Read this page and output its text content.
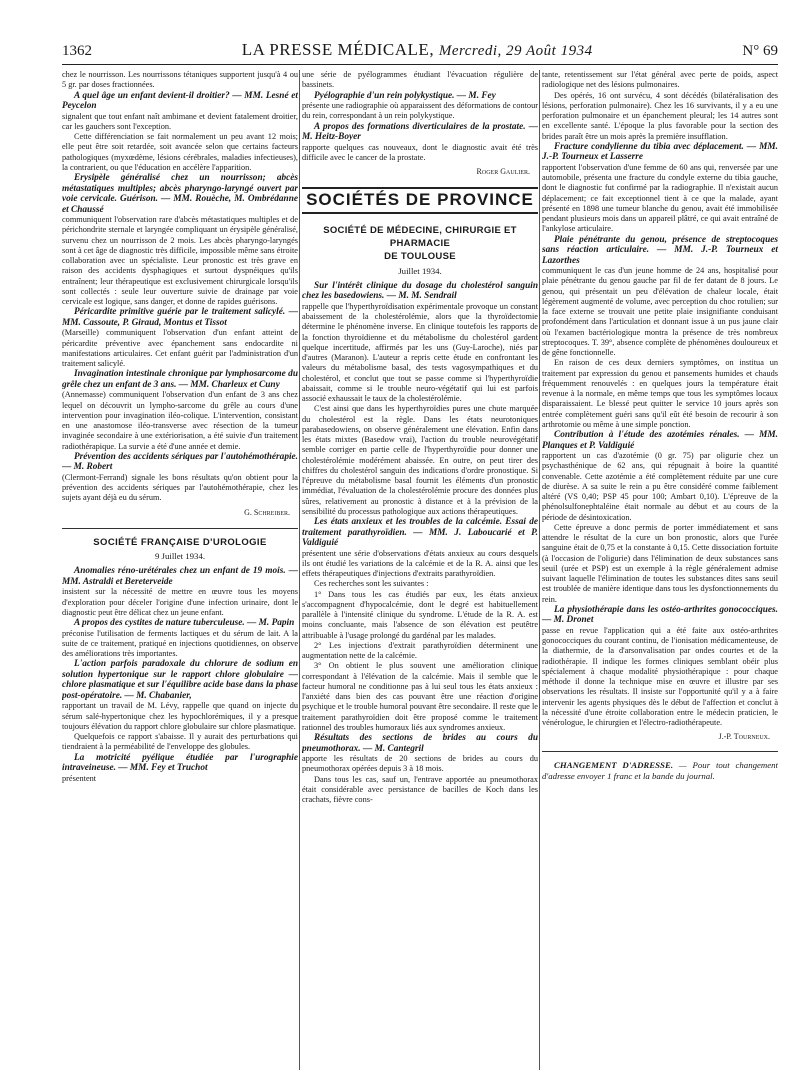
1362	LA PRESSE MÉDICALE, Mercredi, 29 Août 1934	N° 69

chez le nourrisson. Les nourrissons tétaniques supportent jusqu'à 4 ou 5 gr. par doses fractionnées.

A quel âge un enfant devient-il droitier? — MM. Lesné et Peycelon

signalent que tout enfant naît ambimane et devient fatalement droitier, car les gauchers sont l'exception.

Cette différenciation se fait normalement un peu avant 12 mois; elle peut être soit retardée, soit avancée selon que certains facteurs pathologiques (myxœdème, lésions cérébrales, maladies infectieuses), la contrarient, ou que l'éducation en accélère l'apparition.

Erysipèle généralisé chez un nourrisson; abcès métastatiques multiples; abcès pharyngo-laryngé ouvert par voie cervicale. Guérison. — MM. Rouèche, M. Ombrédanne et Chaussé

communiquent l'observation rare d'abcès métastatiques multiples et de périchondrite sternale et laryngée compliquant un érysipèle généralisé, survenu chez un nourrisson de 2 mois. Les abcès pharyngo-laryngés sont à cet âge de diagnostic très difficile, impossible même sans étroite collaboration avec un spécialiste. Leur pronostic est très grave en raison des accidents dysphagiques et surtout dyspnéiques qu'ils entraînent; leur thérapeutique est exclusivement chirurgicale lorsqu'ils sont collectés : seule leur ouverture suivie de drainage par voie cervicale est logique, sans danger, et donne de rapides guérisons.

Péricardite primitive guérie par le traitement salicylé. — MM. Cassoute, P. Giraud, Montus et Tissot

(Marseille) communiquent l'observation d'un enfant atteint de péricardite préventive avec épanchement sans endocardite ni manifestations articulaires. Cet enfant guérit par l'administration d'un traitement salicylé.

Invagination intestinale chronique par lymphosarcome du grêle chez un enfant de 3 ans. — MM. Charleux et Cuny

(Annemasse) communiquent l'observation d'un enfant de 3 ans chez lequel on découvrit un lympho-sarcome du grêle au cours d'une intervention pour invagination iléo-colique. L'intervention, consistant en une anastomose iléo-transverse avec résection de la tumeur invaginée secondaire à une extériorisation, a été suivie d'un traitement radiothérapique. La survie a été d'une année et demie.

Prévention des accidents sériques par l'autohémothérapie. — M. Robert

(Clermont-Ferrand) signale les bons résultats qu'on obtient pour la prévention des accidents sériques par l'autohémothérapie, chez les sujets ayant déjà eu du sérum.

G. Schreiber.
SOCIÉTÉ FRANÇAISE D'UROLOGIE
9 Juillet 1934.
Anomalies réno-urétérales chez un enfant de 19 mois. — MM. Astraldi et Bereterveide

insistent sur la nécessité de mettre en œuvre tous les moyens d'exploration pour déceler l'origine d'une infection urinaire, dont le diagnostic peut être délicat chez un jeune enfant.

A propos des cystites de nature tuberculeuse. — M. Papin

préconise l'utilisation de ferments lactiques et du sérum de lait. A la suite de ce traitement, pratiqué en injections quotidiennes, on observe des améliorations très importantes.

L'action parfois paradoxale du chlorure de sodium en solution hypertonique sur le rapport chlore globulaire — chlore plasmatique et sur l'équilibre acide base dans la phase post-opératoire. — M. Chabanier,

rapportant un travail de M. Lévy, rappelle que quand on injecte du sérum salé-hypertonique chez les hypochlorémiques, il y a presque toujours élévation du rapport chlore globulaire sur chlore plasmatique.

Quelquefois ce rapport s'abaisse. Il y aurait des perturbations qui tiendraient à la perméabilité de l'enveloppe des globules.

La motricité pyélique étudiée par l'urographie intraveineuse. — MM. Fey et Truchot

présentent

une série de pyélogrammes étudiant l'évacuation régulière de bassinets.

Pyélographie d'un rein polykystique. — M. Fey

présente une radiographie où apparaissent des déformations de contour du rein, correspondant à un rein polykystique.

A propos des formations diverticulaires de la prostate. — M. Heitz-Boyer

rapporte quelques cas nouveaux, dont le diagnostic avait été très difficile avec le cancer de la prostate.

Roger Gaulier.
SOCIÉTÉS DE PROVINCE
SOCIÉTÉ DE MÉDECINE, CHIRURGIE ET PHARMACIE
DE TOULOUSE
Juillet 1934.
Sur l'intérêt clinique du dosage du cholestérol sanguin chez les basedowiens. — M. M. Sendrail

rappelle que l'hyperthyroïdisation expérimentale provoque un constant abaissement de la cholestérolémie, alors que la thyroïdectomie détermine le phénomène inverse. En clinique toutefois les rapports de la fonction thyroïdienne et du métabolisme du cholestérol gardent quelque incertitude, affirmés par les uns (Guy-Laroche), niés par d'autres (Maranon). L'auteur a repris cette étude en confrontant les valeurs du métabolisme basal, des tests vagosympathiques et du cholestérol, et conclut que tout se passe comme si l'hyperthyroïdie abaissait, comme si le trouble neuro-végétatif qui lui est parfois associé exhaussait le taux de la cholestérolémie.

C'est ainsi que dans les hyperthyroïdies pures une chute marquée du cholestérol est la règle. Dans les états neurotoniques parabasedowiens, on observe généralement une élévation. Enfin dans les états mixtes (Basedow vrai), l'action du trouble neurovégétatif semble corriger en partie celle de l'hyperthyroïdie pour donner une cholestérolémie modérément abaissée. En outre, on peut tirer des chiffres du cholestérol sanguin des indications d'ordre pronostique. Si l'épreuve du métabolisme basal fournit les éléments d'un pronostic immédiat, l'évaluation de la cholestérolémie procure des données plus sûres, relativement au pronostic à distance et à la prévision de la sensibilité du processus pathologique aux actions thérapeutiques.

Les états anxieux et les troubles de la calcémie. Essai de traitement parathyroïdien. — MM. J. Laboucarié et P. Valdiguié

présentent une série d'observations d'états anxieux au cours desquels ils ont étudié les variations de la calcémie et de la R. A. ainsi que les effets thérapeutiques d'injections d'extraits parathyroïdien.

Ces recherches sont les suivantes :

1° Dans tous les cas étudiés par eux, les états anxieux s'accompagnent d'hypocalcémie, dont le degré est habituellement parallèle à l'intensité clinique du syndrome. L'étude de la R. A. est moins concluante, mais l'absence de son élévation est peutêtre attribuable à l'usage prolongé du gardénal par les malades.

2° Les injections d'extrait parathyroïdien déterminent une augmentation nette de la calcémie.

3° On obtient le plus souvent une amélioration clinique correspondant à l'élévation de la calcémie. Mais il semble que le facteur humoral ne conditionne pas à lui seul tous les états anxieux : l'anxiété dans bien des cas pouvant être une réaction d'origine psychique et le trouble humoral pouvant être secondaire. Il reste que le traitement parathyroïdien doit être proposé comme le traitement rationnel des troubles humoraux liés aux syndromes anxieux.

Résultats des sections de brides au cours du pneumothorax. — M. Cantegril

apporte les résultats de 20 sections de brides au cours du pneumothorax opérées depuis 3 à 18 mois.

Dans tous les cas, sauf un, l'entrave apportée au pneumothorax était considérable avec persistance de bacilles de Koch dans les crachats, fièvre cons-

tante, retentissement sur l'état général avec perte de poids, aspect radiologique net des lésions pulmonaires.

Des opérés, 16 ont survécu, 4 sont décédés (bilatéralisation des lésions, perforation pulmonaire). Chez les 16 survivants, il y a eu une perforation pulmonaire et un épanchement pleural; les 14 autres sont en excellente santé. L'époque la plus favorable pour la section des brides paraît être un mois après la première insufflation.

Fracture condylienne du tibia avec déplacement. — MM. J.-P. Tourneux et Lasserre

rapportent l'observation d'une femme de 60 ans qui, renversée par une automobile, présenta une fracture du condyle externe du tibia gauche, dont le diagnostic fut confirmé par la radiographie. Il n'existait aucun déplacement; ce fait exceptionnel tient à ce que la malade, ayant présenté en 1898 une tumeur blanche du genou, avait été immobilisée pendant plusieurs mois dans un appareil plâtré, ce qui avait entraîné de l'ankylose articulaire.

Plaie pénétrante du genou, présence de streptocoques sans réaction articulaire. — MM. J.-P. Tourneux et Lazorthes

communiquent le cas d'un jeune homme de 24 ans, hospitalisé pour plaie pénétrante du genou gauche par fil de fer datant de 8 jours. Le genou, qui présentait un peu d'élévation de chaleur locale, était légèrement augmenté de volume, avec perception du choc rotulien; sur la face externe se trouvait une petite plaie insignifiante conduisant profondément dans l'articulation et donnant issue à un pus jaune clair où l'examen bactériologique montra la présence de très nombreux streptocoques. T. 39°, absence complète de phénomènes douloureux et de gêne fonctionnelle.

En raison de ces deux derniers symptômes, on institua un traitement par expression du genou et pansements humides et chauds fréquemment renouvelés : en quelques jours la température était revenue à la normale, en même temps que tous les symptômes locaux disparaissaient. Le blessé peut quitter le service 10 jours après son entrée complètement guéri sans qu'il eût été besoin de recourir à son arthrotomie ou même à une simple ponction.

Contribution à l'étude des azotémies rénales. — MM. Planques et P. Valdiguié

rapportent un cas d'azotémie (0 gr. 75) par oligurie chez un psychasthénique de 62 ans, qui répugnait à boire la quantité convenable. Cette azotémie a été complètement réduite par une cure de diurèse. A sa suite le rein a pu être considéré comme faiblement altéré (VS 0,40; PSP 45 pour 100; Ambart 0,10). L'épreuve de la phénolsulfonephtaléine était normale au début et au cours de la période de désintoxication.

Cette épreuve a donc permis de porter immédiatement et sans attendre le résultat de la cure un bon pronostic, alors que l'urée sanguine était de 0,75 et la constante à 0,15. Cette dissociation fortuite (à l'occasion de l'oligurie) dans l'élimination de deux substances sans seuil (urée et PSP) est un exemple à la règle généralement admise suivant laquelle l'élimination de toutes les substances dites sans seuil est troublée de manière identique dans tous les dysfonctionnements du rein.

La physiothérapie dans les ostéo-arthrites gonococciques. — M. Dronet

passe en revue l'application qui a été faite aux ostéo-arthrites gonococciques du courant continu, de l'ionisation médicamenteuse, de la diathermie, de la d'arsonvalisation par ondes courtes et de la radiothérapie. Il indique les formes cliniques semblant obéir plus spécialement à chaque modalité physiothérapique : pour chaque méthode il donne la technique mise en œuvre et illustre par ses observations les résultats. Il insiste sur l'opportunité qu'il y a à faire intervenir les agents physiques dès le début de l'affection et conclut à la nécessité d'une étroite collaboration entre le médecin praticien, le vénérologue, le chirurgien et l'électro-radiothérapeute.

J.-P. Tourneux.

CHANGEMENT D'ADRESSE. — Pour tout changement d'adresse envoyer 1 franc et la bande du journal.
